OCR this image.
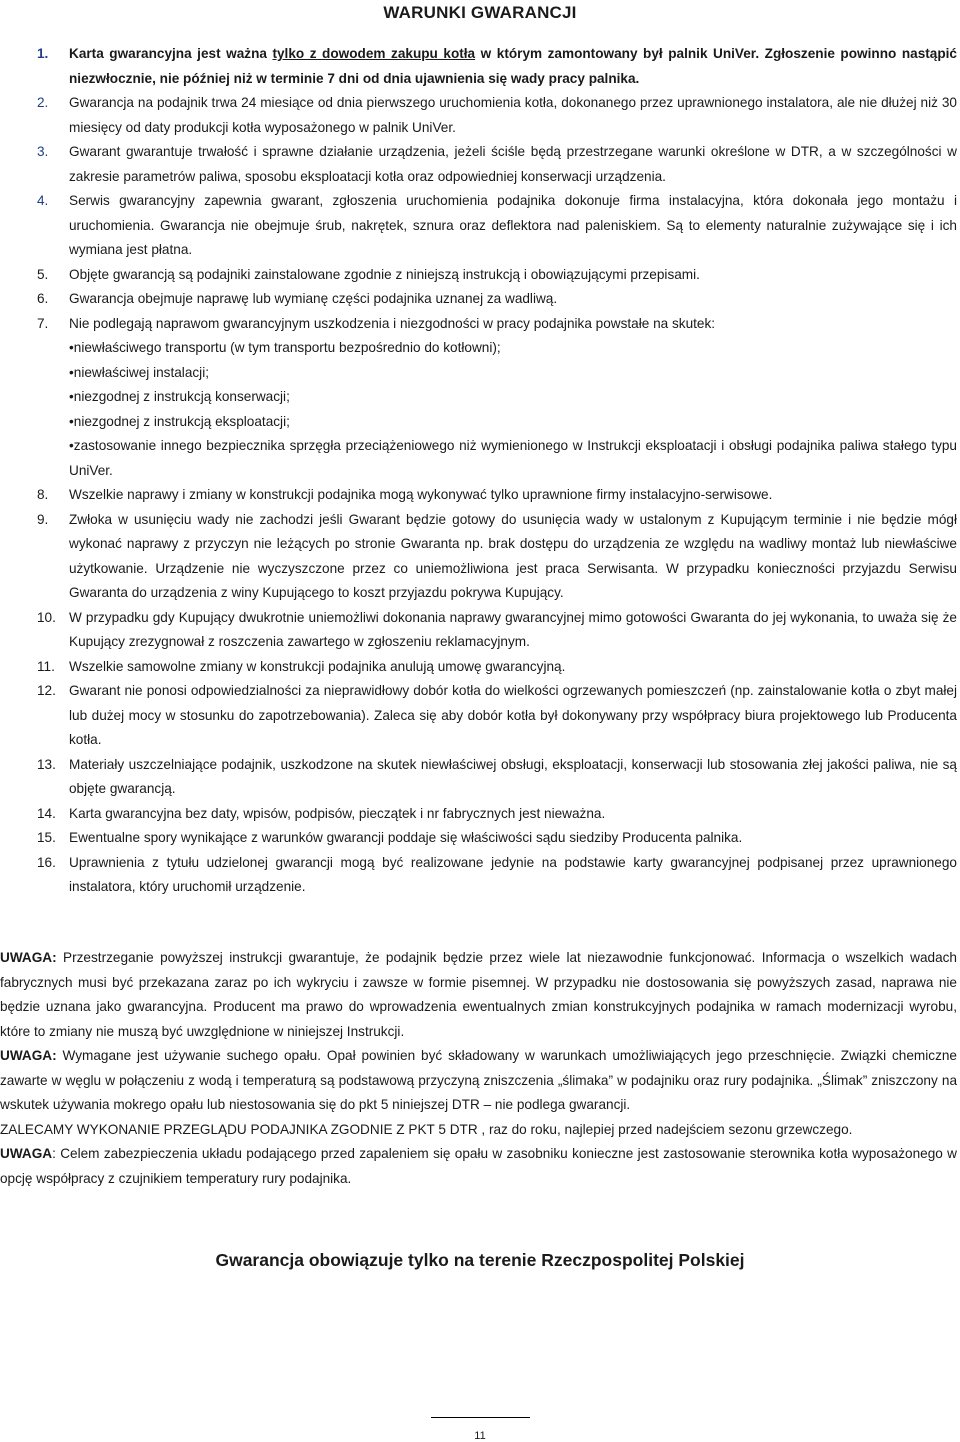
WARUNKI GWARANCJI
1. Karta gwarancyjna jest ważna tylko z dowodem zakupu kotła w którym zamontowany był palnik UniVer. Zgłoszenie powinno nastąpić niezwłocznie, nie później niż w terminie 7 dni od dnia ujawnienia się wady pracy palnika.
2. Gwarancja na podajnik trwa 24 miesiące od dnia pierwszego uruchomienia kotła, dokonanego przez uprawnionego instalatora, ale nie dłużej niż 30 miesięcy od daty produkcji kotła wyposażonego w palnik UniVer.
3. Gwarant gwarantuje trwałość i sprawne działanie urządzenia, jeżeli ściśle będą przestrzegane warunki określone w DTR, a w szczególności w zakresie parametrów paliwa, sposobu eksploatacji kotła oraz odpowiedniej konserwacji urządzenia.
4. Serwis gwarancyjny zapewnia gwarant, zgłoszenia uruchomienia podajnika dokonuje firma instalacyjna, która dokonała jego montażu i uruchomienia. Gwarancja nie obejmuje śrub, nakrętek, sznura oraz deflektora nad paleniskiem. Są to elementy naturalnie zużywające się i ich wymiana jest płatna.
5. Objęte gwarancją są podajniki zainstalowane zgodnie z niniejszą instrukcją i obowiązującymi przepisami.
6. Gwarancja obejmuje naprawę lub wymianę części podajnika uznanej za wadliwą.
7. Nie podlegają naprawom gwarancyjnym uszkodzenia i niezgodności w pracy podajnika powstałe na skutek:
•niewłaściwego transportu (w tym transportu bezpośrednio do kotłowni);
•niewłaściwej instalacji;
•niezgodnej z instrukcją konserwacji;
•niezgodnej z instrukcją eksploatacji;
•zastosowanie innego bezpiecznika sprzęgła przeciążeniowego niż wymienionego w Instrukcji eksploatacji i obsługi podajnika paliwa stałego typu UniVer.
8. Wszelkie naprawy i zmiany w konstrukcji podajnika mogą wykonywać tylko uprawnione firmy instalacyjno-serwisowe.
9. Zwłoka w usunięciu wady nie zachodzi jeśli Gwarant będzie gotowy do usunięcia wady w ustalonym z Kupującym terminie i nie będzie mógł wykonać naprawy z przyczyn nie leżących po stronie Gwaranta np. brak dostępu do urządzenia ze względu na wadliwy montaż lub niewłaściwe użytkowanie. Urządzenie nie wyczyszczone przez co uniemożliwiona jest praca Serwisanta. W przypadku konieczności przyjazdu Serwisu Gwaranta do urządzenia z winy Kupującego to koszt przyjazdu pokrywa Kupujący.
10. W przypadku gdy Kupujący dwukrotnie uniemożliwi dokonania naprawy gwarancyjnej mimo gotowości Gwaranta do jej wykonania, to uważa się że Kupujący zrezygnował z roszczenia zawartego w zgłoszeniu reklamacyjnym.
11. Wszelkie samowolne zmiany w konstrukcji podajnika anulują umowę gwarancyjną.
12. Gwarant nie ponosi odpowiedzialności za nieprawidłowy dobór kotła do wielkości ogrzewanych pomieszczeń (np. zainstalowanie kotła o zbyt małej lub dużej mocy w stosunku do zapotrzebowania). Zaleca się aby dobór kotła był dokonywany przy współpracy biura projektowego lub Producenta kotła.
13. Materiały uszczelniające podajnik, uszkodzone na skutek niewłaściwej obsługi, eksploatacji, konserwacji lub stosowania złej jakości paliwa, nie są objęte gwarancją.
14. Karta gwarancyjna bez daty, wpisów, podpisów, pieczątek i nr fabrycznych jest nieważna.
15. Ewentualne spory wynikające z warunków gwarancji poddaje się właściwości sądu siedziby Producenta palnika.
16. Uprawnienia z tytułu udzielonej gwarancji mogą być realizowane jedynie na podstawie karty gwarancyjnej podpisanej przez uprawnionego instalatora, który uruchomił urządzenie.

UWAGA: Przestrzeganie powyższej instrukcji gwarantuje, że podajnik będzie przez wiele lat niezawodnie funkcjonować. Informacja o wszelkich wadach fabrycznych musi być przekazana zaraz po ich wykryciu i zawsze w formie pisemnej. W przypadku nie dostosowania się powyższych zasad, naprawa nie będzie uznana jako gwarancyjna. Producent ma prawo do wprowadzenia ewentualnych zmian konstrukcyjnych podajnika w ramach modernizacji wyrobu, które to zmiany nie muszą być uwzględnione w niniejszej Instrukcji.

UWAGA: Wymagane jest używanie suchego opału. Opał powinien być składowany w warunkach umożliwiających jego przeschnięcie. Związki chemiczne zawarte w węglu w połączeniu z wodą i temperaturą są podstawową przyczyną zniszczenia „ślimaka” w podajniku oraz rury podajnika. „Ślimak” zniszczony na wskutek używania mokrego opału lub niestosowania się do pkt 5 niniejszej DTR – nie podlega gwarancji.

ZALECAMY WYKONANIE PRZEGLĄDU PODAJNIKA ZGODNIE Z PKT 5 DTR , raz do roku, najlepiej przed nadejściem sezonu grzewczego.

UWAGA: Celem zabezpieczenia układu podającego przed zapaleniem się opału w zasobniku konieczne jest zastosowanie sterownika kotła wyposażonego w opcję współpracy z czujnikiem temperatury rury podajnika.

Gwarancja obowiązuje tylko na terenie Rzeczpospolitej Polskiej
11
